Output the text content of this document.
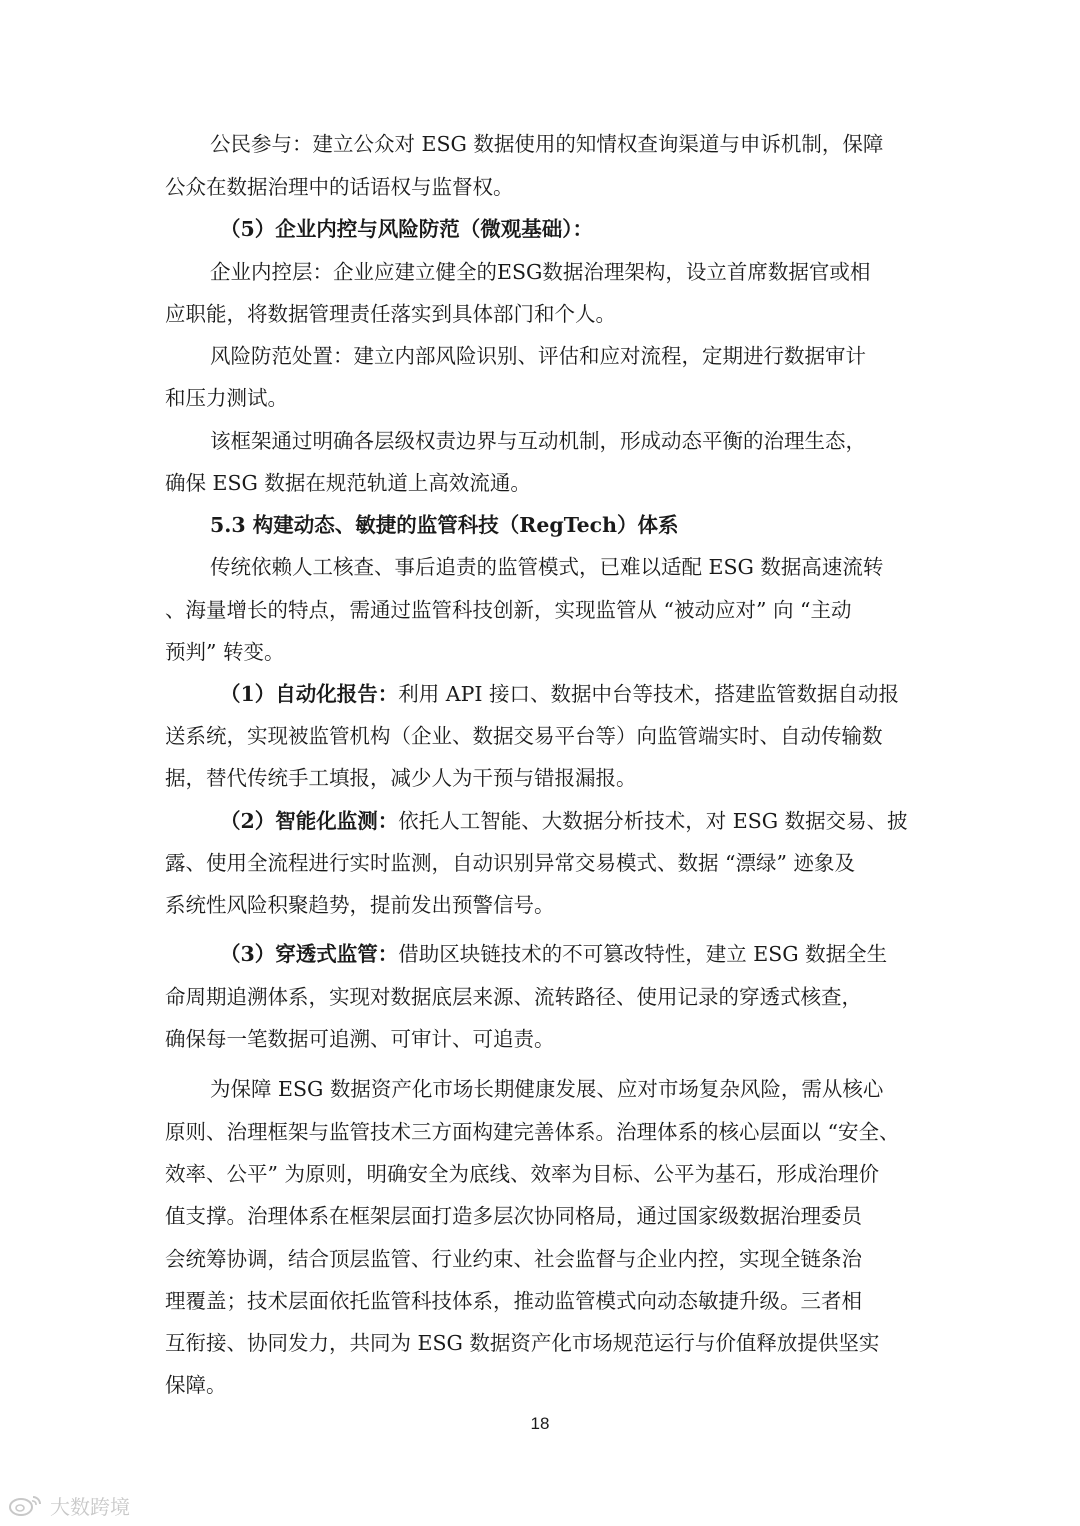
公民参与：建立公众对 ESG 数据使用的知情权查询渠道与申诉机制，保障
公众在数据治理中的话语权与监督权。
（5）企业内控与风险防范（微观基础）：
企业内控层：企业应建立健全的ESG数据治理架构，设立首席数据官或相
应职能，将数据管理责任落实到具体部门和个人。
风险防范处置：建立内部风险识别、评估和应对流程，定期进行数据审计
和压力测试。
该框架通过明确各层级权责边界与互动机制，形成动态平衡的治理生态，
确保 ESG 数据在规范轨道上高效流通。
5.3 构建动态、敏捷的监管科技（RegTech）体系
传统依赖人工核查、事后追责的监管模式，已难以适配 ESG 数据高速流转
、海量增长的特点，需通过监管科技创新，实现监管从 “被动应对” 向 “主动
预判” 转变。
（1）自动化报告：利用 API 接口、数据中台等技术，搭建监管数据自动报
送系统，实现被监管机构（企业、数据交易平台等）向监管端实时、自动传输数
据，替代传统手工填报，减少人为干预与错报漏报。
（2）智能化监测：依托人工智能、大数据分析技术，对 ESG 数据交易、披
露、使用全流程进行实时监测，自动识别异常交易模式、数据 “漂绿” 迹象及
系统性风险积聚趋势，提前发出预警信号。
（3）穿透式监管：借助区块链技术的不可篡改特性，建立 ESG 数据全生
命周期追溯体系，实现对数据底层来源、流转路径、使用记录的穿透式核查，
确保每一笔数据可追溯、可审计、可追责。
为保障 ESG 数据资产化市场长期健康发展、应对市场复杂风险，需从核心
原则、治理框架与监管技术三方面构建完善体系。治理体系的核心层面以 “安全、
效率、公平” 为原则，明确安全为底线、效率为目标、公平为基石，形成治理价
值支撑。治理体系在框架层面打造多层次协同格局，通过国家级数据治理委员
会统筹协调，结合顶层监管、行业约束、社会监督与企业内控，实现全链条治
理覆盖；技术层面依托监管科技体系，推动监管模式向动态敏捷升级。三者相
互衔接、协同发力，共同为 ESG 数据资产化市场规范运行与价值释放提供坚实
保障。
18
大数跨境
